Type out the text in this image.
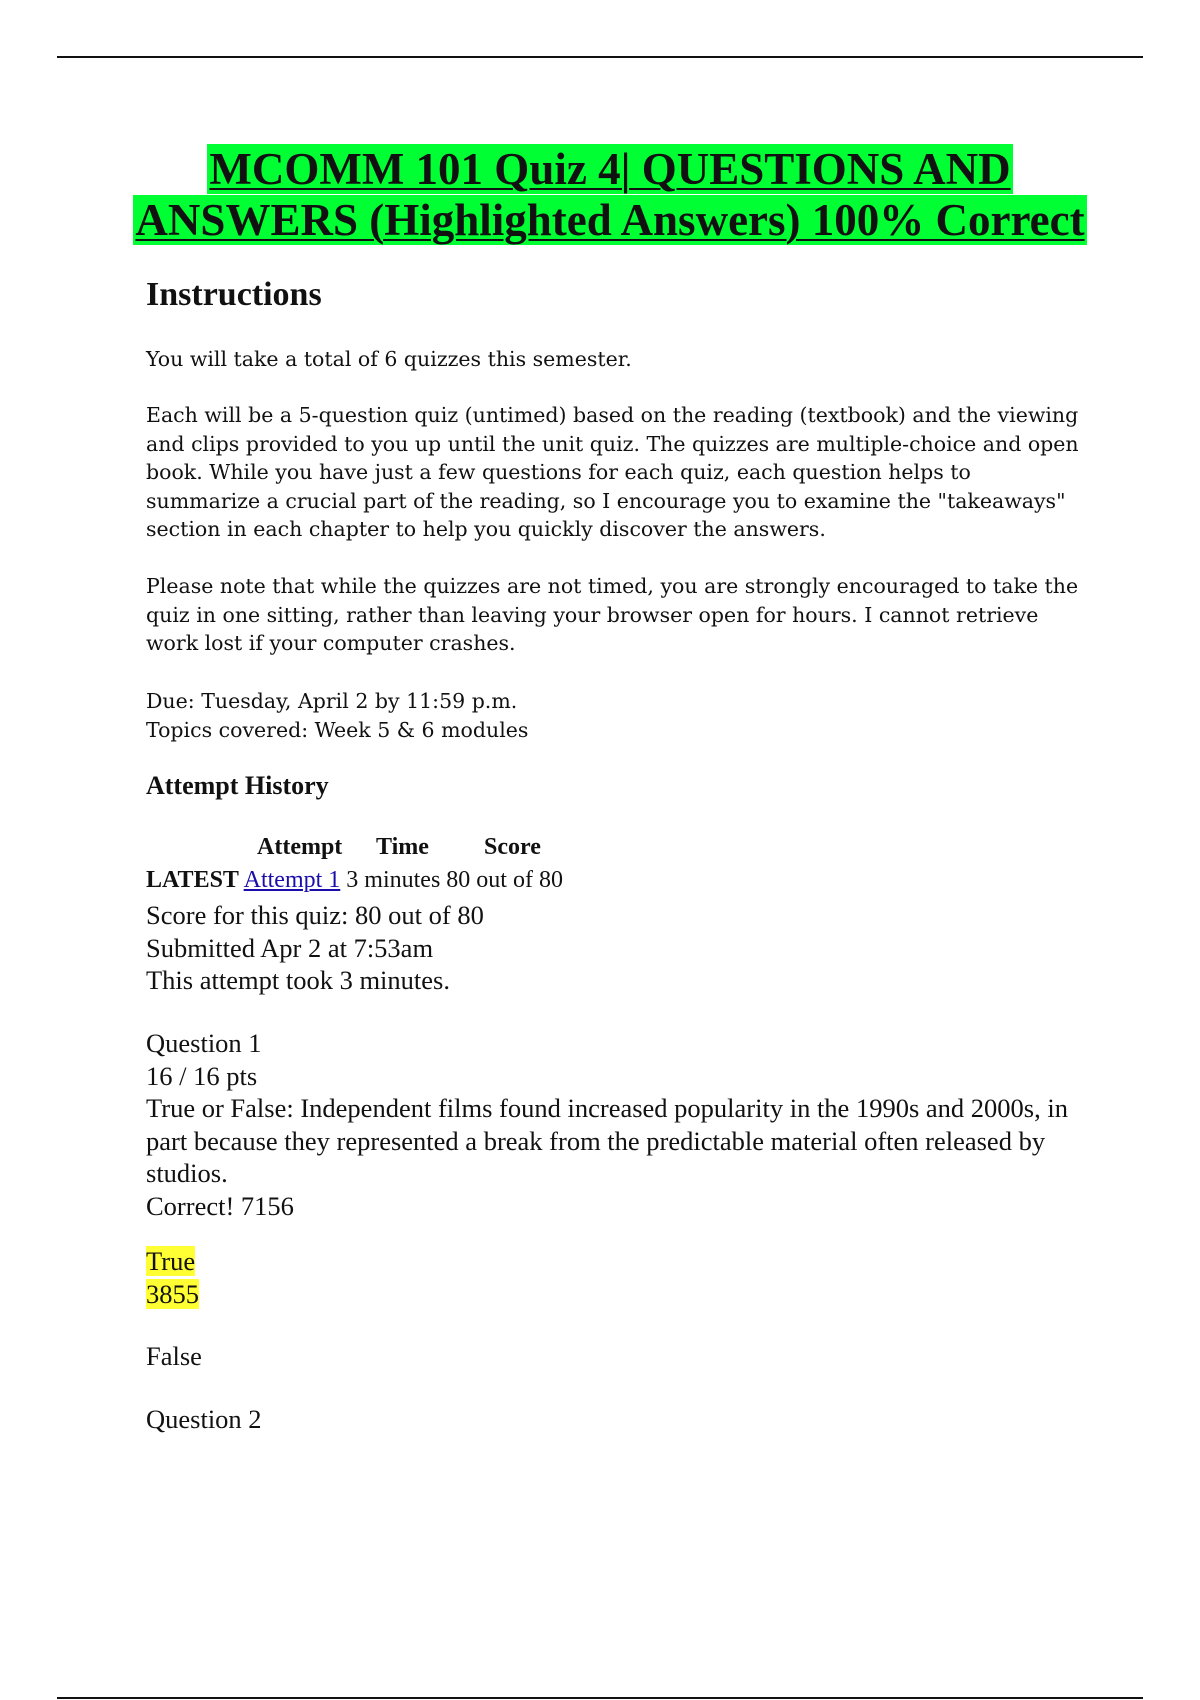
MCOMM 101 Quiz 4| QUESTIONS AND ANSWERS (Highlighted Answers) 100% Correct
Instructions

You will take a total of 6 quizzes this semester.

Each will be a 5-question quiz (untimed) based on the reading (textbook) and the viewing and clips provided to you up until the unit quiz. The quizzes are multiple-choice and open book. While you have just a few questions for each quiz, each question helps to summarize a crucial part of the reading, so I encourage you to examine the "takeaways" section in each chapter to help you quickly discover the answers.

Please note that while the quizzes are not timed, you are strongly encouraged to take the quiz in one sitting, rather than leaving your browser open for hours. I cannot retrieve work lost if your computer crashes.

Due: Tuesday, April 2 by 11:59 p.m.
Topics covered: Week 5 & 6 modules

Attempt History
Attempt Time Score
LATEST Attempt 1 3 minutes 80 out of 80
Score for this quiz: 80 out of 80
Submitted Apr 2 at 7:53am
This attempt took 3 minutes.
Question 1
16 / 16 pts
True or False: Independent films found increased popularity in the 1990s and 2000s, in part because they represented a break from the predictable material often released by studios.
Correct! 7156
True
3855
False
Question 2
